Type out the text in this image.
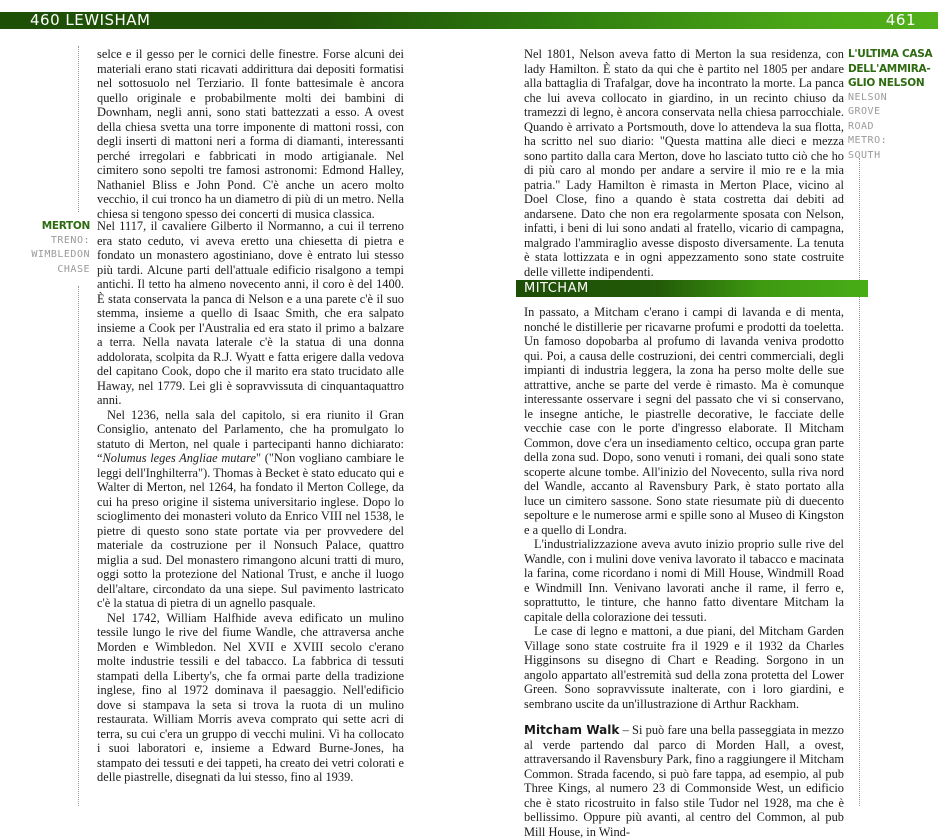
460 LEWISHAM	461

selce e il gesso per le cornici delle finestre. Forse alcuni dei materiali erano stati ricavati addirittura dai depositi formatisi nel sottosuolo nel Terziario. Il fonte battesimale è ancora quello originale e probabilmente molti dei bambini di Downham, negli anni, sono stati battezzati a esso. A ovest della chiesa svetta una torre imponente di mattoni rossi, con degli inserti di mattoni neri a forma di diamanti, interessanti perché irregolari e fabbricati in modo artigianale. Nel cimitero sono sepolti tre famosi astronomi: Edmond Halley, Nathaniel Bliss e John Pond. C'è anche un acero molto vecchio, il cui tronco ha un diametro di più di un metro. Nella chiesa si tengono spesso dei concerti di musica classica.

MERTON
TRENO:
WIMBLEDON
CHASE

Nel 1117, il cavaliere Gilberto il Normanno, a cui il terreno era stato ceduto, vi aveva eretto una chiesetta di pietra e fondato un monastero agostiniano, dove è entrato lui stesso più tardi. Alcune parti dell'attuale edificio risalgono a tempi antichi. Il tetto ha almeno novecento anni, il coro è del 1400. È stata conservata la panca di Nelson e a una parete c'è il suo stemma, insieme a quello di Isaac Smith, che era salpato insieme a Cook per l'Australia ed era stato il primo a balzare a terra. Nella navata laterale c'è la statua di una donna addolorata, scolpita da R.J. Wyatt e fatta erigere dalla vedova del capitano Cook, dopo che il marito era stato trucidato alle Haway, nel 1779. Lei gli è sopravvissuta di cinquantaquattro anni.

Nel 1236, nella sala del capitolo, si era riunito il Gran Consiglio, antenato del Parlamento, che ha promulgato lo statuto di Merton, nel quale i partecipanti hanno dichiarato: “Nolumus leges Angliae mutare" ("Non vogliano cambiare le leggi dell'Inghilterra"). Thomas à Becket è stato educato qui e Walter di Merton, nel 1264, ha fondato il Merton College, da cui ha preso origine il sistema universitario inglese. Dopo lo scioglimento dei monasteri voluto da Enrico VIII nel 1538, le pietre di questo sono state portate via per provvedere del materiale da costruzione per il Nonsuch Palace, quattro miglia a sud. Del monastero rimangono alcuni tratti di muro, oggi sotto la protezione del National Trust, e anche il luogo dell'altare, circondato da una siepe. Sul pavimento lastricato c'è la statua di pietra di un agnello pasquale.

Nel 1742, William Halfhide aveva edificato un mulino tessile lungo le rive del fiume Wandle, che attraversa anche Morden e Wimbledon. Nel XVII e XVIII secolo c'erano molte industrie tessili e del tabacco. La fabbrica di tessuti stampati della Liberty's, che fa ormai parte della tradizione inglese, fino al 1972 dominava il paesaggio. Nell'edificio dove si stampava la seta si trova la ruota di un mulino restaurata. William Morris aveva comprato qui sette acri di terra, su cui c'era un gruppo di vecchi mulini. Vi ha collocato i suoi laboratori e, insieme a Edward Burne-Jones, ha stampato dei tessuti e dei tappeti, ha creato dei vetri colorati e delle piastrelle, disegnati da lui stesso, fino al 1939.

Nel 1801, Nelson aveva fatto di Merton la sua residenza, con lady Hamilton. È stato da qui che è partito nel 1805 per andare alla battaglia di Trafalgar, dove ha incontrato la morte. La panca che lui aveva collocato in giardino, in un recinto chiuso da tramezzi di legno, è ancora conservata nella chiesa parrocchiale. Quando è arrivato a Portsmouth, dove lo attendeva la sua flotta, ha scritto nel suo diario: "Questa mattina alle dieci e mezza sono partito dalla cara Merton, dove ho lasciato tutto ciò che ho di più caro al mondo per andare a servire il mio re e la mia patria." Lady Hamilton è rimasta in Merton Place, vicino al Doel Close, fino a quando è stata costretta dai debiti ad andarsene. Dato che non era regolarmente sposata con Nelson, infatti, i beni di lui sono andati al fratello, vicario di campagna, malgrado l'ammiraglio avesse disposto diversamente. La tenuta è stata lottizzata e in ogni appezzamento sono state costruite delle villette indipendenti.

L'ULTIMA CASA
DELL'AMMIRA-
GLIO NELSON
NELSON
GROVE
ROAD
METRO:
SOUTH
MITCHAM

In passato, a Mitcham c'erano i campi di lavanda e di menta, nonché le distillerie per ricavarne profumi e prodotti da toeletta. Un famoso dopobarba al profumo di lavanda veniva prodotto qui. Poi, a causa delle costruzioni, dei centri commerciali, degli impianti di industria leggera, la zona ha perso molte delle sue attrattive, anche se parte del verde è rimasto. Ma è comunque interessante osservare i segni del passato che vi si conservano, le insegne antiche, le piastrelle decorative, le facciate delle vecchie case con le porte d'ingresso elaborate. Il Mitcham Common, dove c'era un insediamento celtico, occupa gran parte della zona sud. Dopo, sono venuti i romani, dei quali sono state scoperte alcune tombe. All'inizio del Novecento, sulla riva nord del Wandle, accanto al Ravensbury Park, è stato portato alla luce un cimitero sassone. Sono state riesumate più di duecento sepolture e le numerose armi e spille sono al Museo di Kingston e a quello di Londra.

L'industrializzazione aveva avuto inizio proprio sulle rive del Wandle, con i mulini dove veniva lavorato il tabacco e macinata la farina, come ricordano i nomi di Mill House, Windmill Road e Windmill Inn. Venivano lavorati anche il rame, il ferro e, soprattutto, le tinture, che hanno fatto diventare Mitcham la capitale della colorazione dei tessuti.

Le case di legno e mattoni, a due piani, del Mitcham Garden Village sono state costruite fra il 1929 e il 1932 da Charles Higginsons su disegno di Chart e Reading. Sorgono in un angolo appartato all'estremità sud della zona protetta del Lower Green. Sono sopravvissute inalterate, con i loro giardini, e sembrano uscite da un'illustrazione di Arthur Rackham.

Mitcham Walk – Si può fare una bella passeggiata in mezzo al verde partendo dal parco di Morden Hall, a ovest, attraversando il Ravensbury Park, fino a raggiungere il Mitcham Common. Strada facendo, si può fare tappa, ad esempio, al pub Three Kings, al numero 23 di Commonside West, un edificio che è stato ricostruito in falso stile Tudor nel 1928, ma che è bellissimo. Oppure più avanti, al centro del Common, al pub Mill House, in Wind-
